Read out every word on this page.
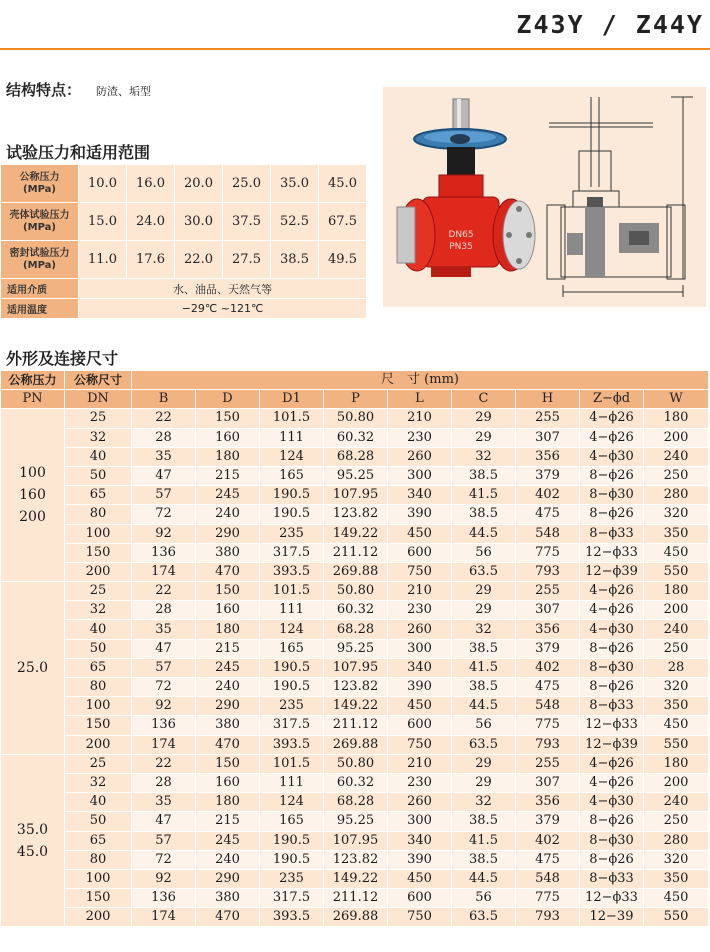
Z43Y / Z44Y
结构特点： 防渣、垢型
试验压力和适用范围
公称压力
(MPa)	10.0	16.0	20.0	25.0	35.0	45.0

壳体试验压力
(MPa)	15.0	24.0	30.0	37.5	52.5	67.5

密封试验压力
(MPa)	11.0	17.6	22.0	27.5	38.5	49.5
适用介质	水、油品、天然气等					
适用温度	−29℃ ~121℃					
DN65
PN35
外形及连接尺寸
公称压力	公称尺寸	尺　寸 (mm)								
PN	DN	B	D	D1	P	L	C	H	Z−ϕd	W

100
160
200	25	22	150	101.5	50.80	210	29	255	4−ϕ26	180
	32	28	160	111	60.32	230	29	307	4−ϕ26	200
	40	35	180	124	68.28	260	32	356	4−ϕ30	240
	50	47	215	165	95.25	300	38.5	379	8−ϕ26	250
	65	57	245	190.5	107.95	340	41.5	402	8−ϕ30	280
	80	72	240	190.5	123.82	390	38.5	475	8−ϕ26	320
	100	92	290	235	149.22	450	44.5	548	8−ϕ33	350
	150	136	380	317.5	211.12	600	56	775	12−ϕ33	450
	200	174	470	393.5	269.88	750	63.5	793	12−ϕ39	550

25.0	25	22	150	101.5	50.80	210	29	255	4−ϕ26	180
	32	28	160	111	60.32	230	29	307	4−ϕ26	200
	40	35	180	124	68.28	260	32	356	4−ϕ30	240
	50	47	215	165	95.25	300	38.5	379	8−ϕ26	250
	65	57	245	190.5	107.95	340	41.5	402	8−ϕ30	28
	80	72	240	190.5	123.82	390	38.5	475	8−ϕ26	320
	100	92	290	235	149.22	450	44.5	548	8−ϕ33	350
	150	136	380	317.5	211.12	600	56	775	12−ϕ33	450
	200	174	470	393.5	269.88	750	63.5	793	12−ϕ39	550

35.0
45.0	25	22	150	101.5	50.80	210	29	255	4−ϕ26	180
	32	28	160	111	60.32	230	29	307	4−ϕ26	200
	40	35	180	124	68.28	260	32	356	4−ϕ30	240
	50	47	215	165	95.25	300	38.5	379	8−ϕ26	250
	65	57	245	190.5	107.95	340	41.5	402	8−ϕ30	280
	80	72	240	190.5	123.82	390	38.5	475	8−ϕ26	320
	100	92	290	235	149.22	450	44.5	548	8−ϕ33	350
	150	136	380	317.5	211.12	600	56	775	12−ϕ33	450
	200	174	470	393.5	269.88	750	63.5	793	12−39	550
